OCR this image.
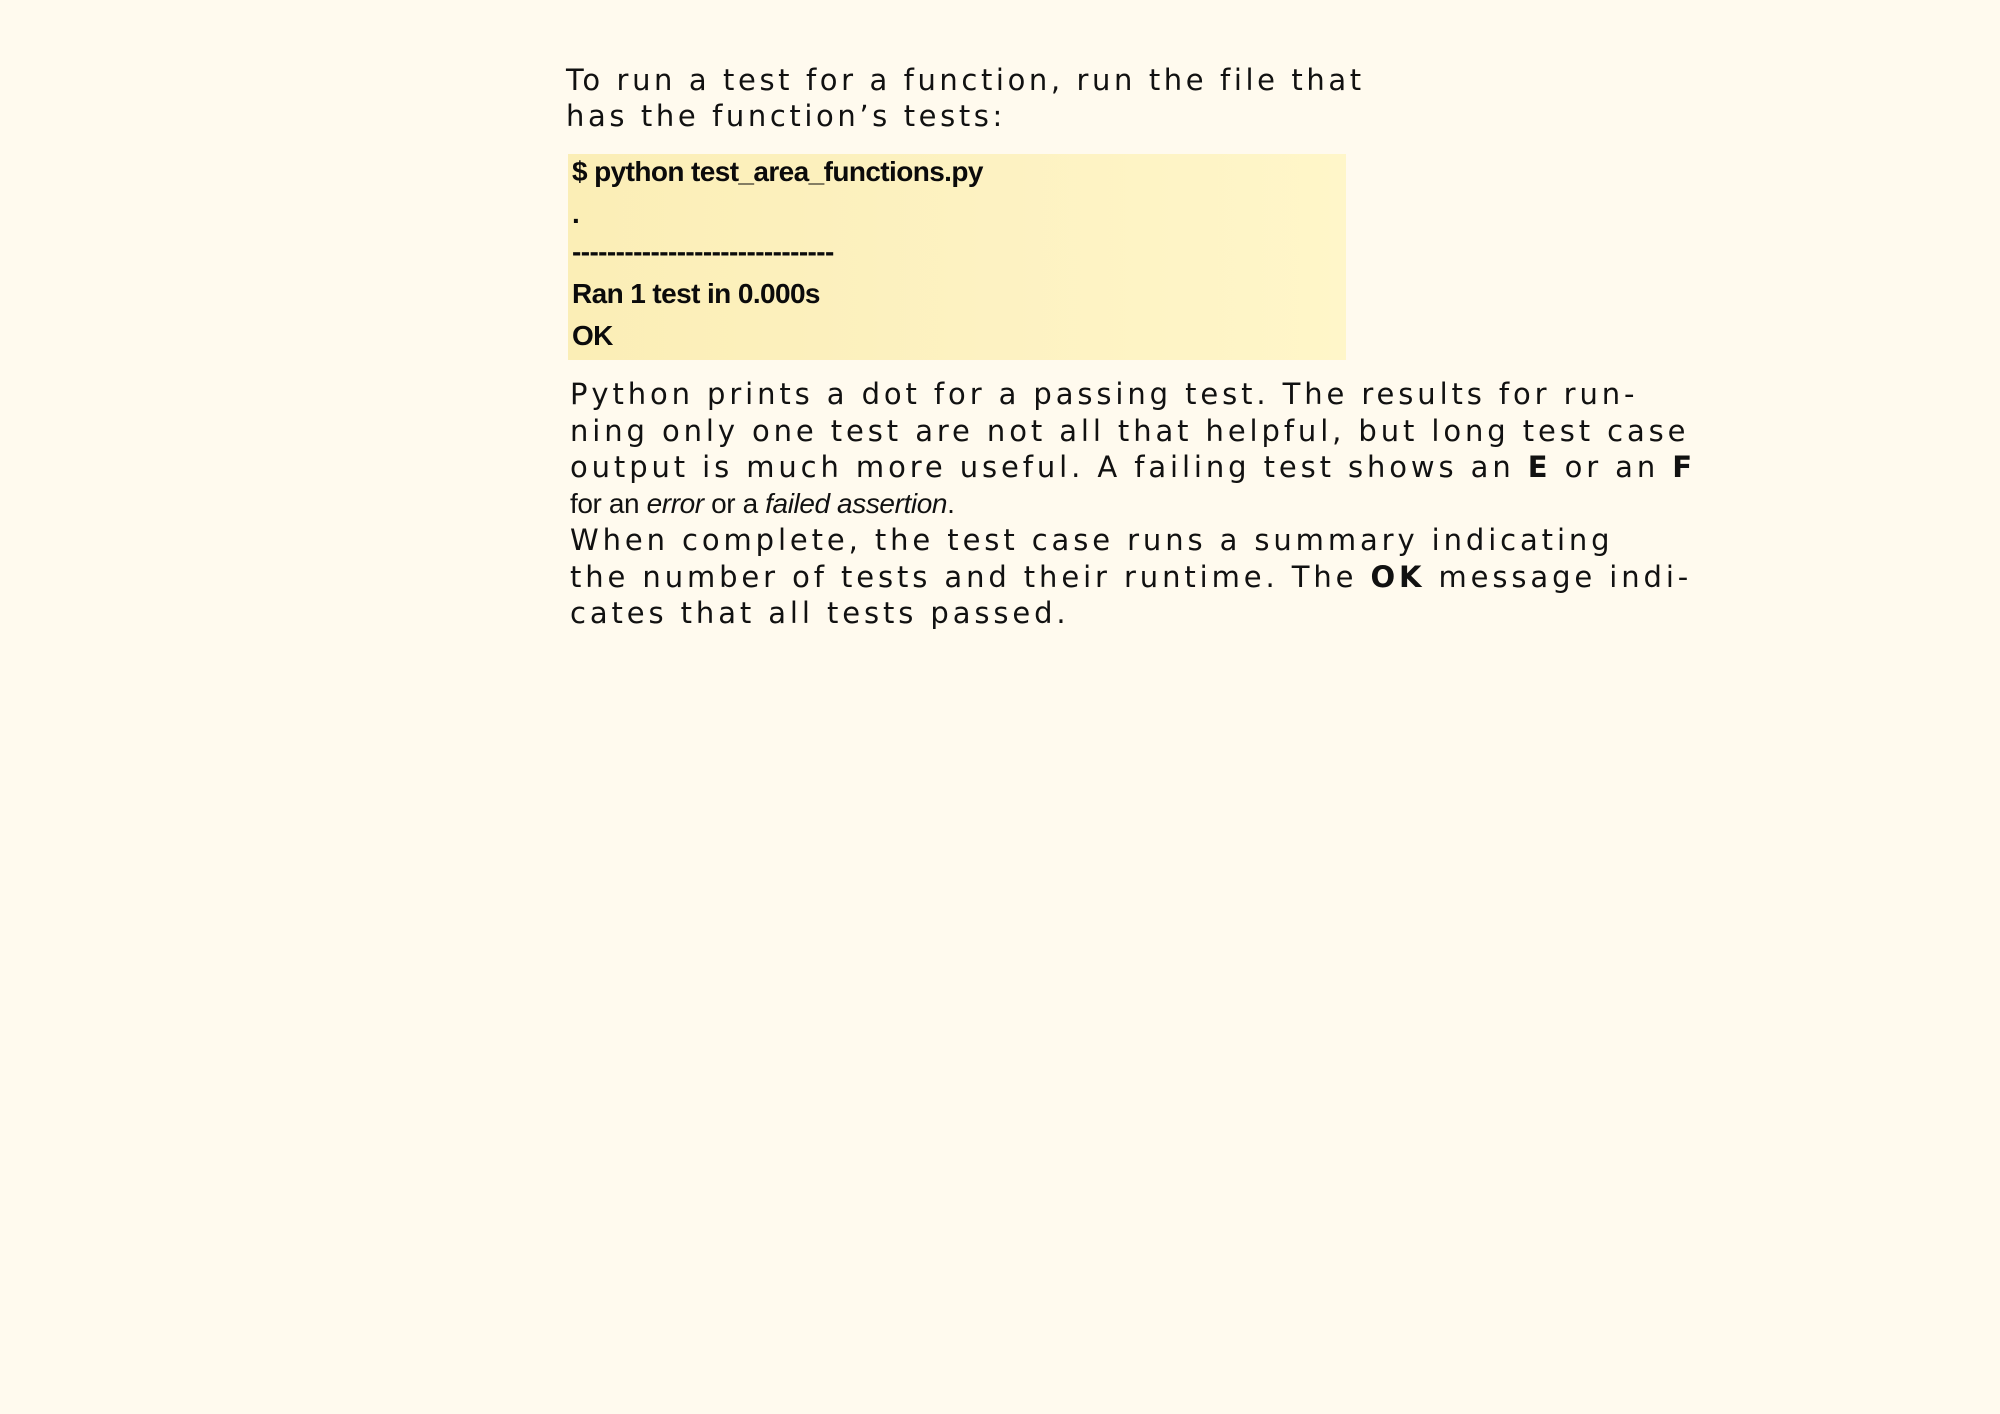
To run a test for a function, run the file that
has the function’s tests:

$ python test_area_functions.py
.
------------------------------
Ran 1 test in 0.000s
OK

Python prints a dot for a passing test. The results for run-
ning only one test are not all that helpful, but long test case
output is much more useful. A failing test shows an E or an F
for an error or a failed assertion.

When complete, the test case runs a summary indicating
the number of tests and their runtime. The OK message indi-
cates that all tests passed.
